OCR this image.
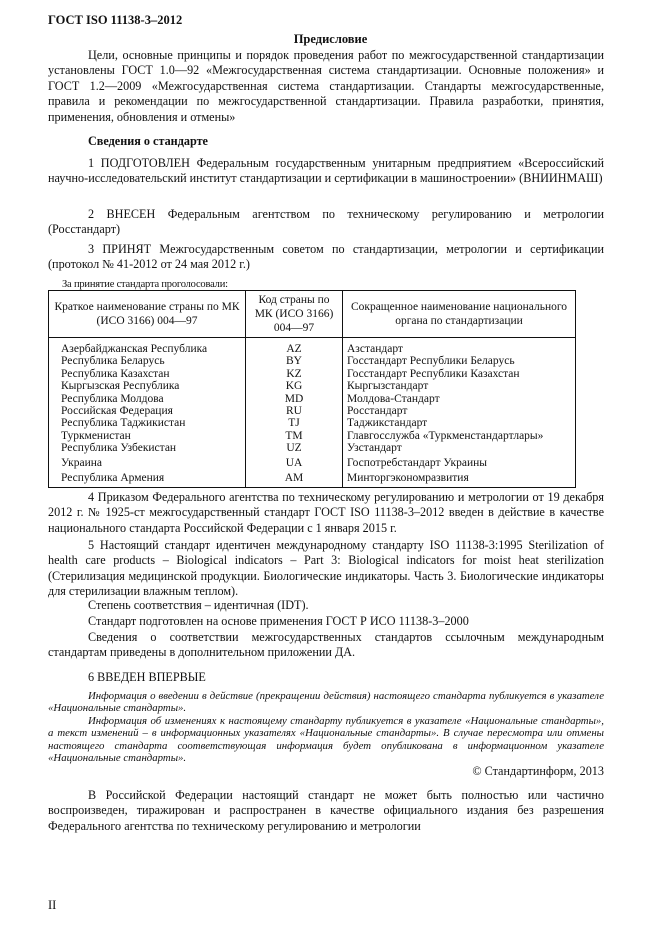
ГОСТ ISO 11138-3–2012
Предисловие
Цели, основные принципы и порядок проведения работ по межгосударственной стандартизации установлены ГОСТ 1.0—92 «Межгосударственная система стандартизации. Основные положения» и ГОСТ 1.2—2009 «Межгосударственная система стандартизации. Стандарты межгосударственные, правила и рекомендации по межгосударственной стандартизации. Правила разработки, принятия, применения, обновления и отмены»
Сведения о стандарте
1 ПОДГОТОВЛЕН Федеральным государственным унитарным предприятием «Всероссийский научно-исследовательский институт стандартизации и сертификации в машиностроении» (ВНИИНМАШ)
2 ВНЕСЕН Федеральным агентством по техническому регулированию и метрологии (Росстандарт)
3 ПРИНЯТ Межгосударственным советом по стандартизации, метрологии и сертификации (протокол № 41-2012 от 24 мая 2012 г.)
За принятие стандарта проголосовали:
Краткое наименование страны по МК (ИСО 3166) 004—97	Код страны по МК (ИСО 3166) 004—97	Сокращенное наименование национального органа по стандартизации
Азербайджанская Республика	AZ	Азстандарт
Республика Беларусь	BY	Госстандарт Республики Беларусь
Республика Казахстан	KZ	Госстандарт Республики Казахстан
Кыргызская Республика	KG	Кыргызстандарт
Республика Молдова	MD	Молдова-Стандарт
Российская Федерация	RU	Росстандарт
Республика Таджикистан	TJ	Таджикстандарт
Туркменистан	TM	Главгосслужба «Туркменстандартлары»
Республика Узбекистан	UZ	Узстандарт
Украина	UA	Госпотребстандарт Украины
Республика Армения	AM	Минторгэкономразвития
4 Приказом Федерального агентства по техническому регулированию и метрологии от 19 декабря 2012 г. № 1925-ст межгосударственный стандарт ГОСТ ISO 11138-3–2012 введен в действие в качестве национального стандарта Российской Федерации с 1 января 2015 г.
5 Настоящий стандарт идентичен международному стандарту ISO 11138-3:1995 Sterilization of health care products – Biological indicators – Part 3: Biological indicators for moist heat sterilization (Стерилизация медицинской продукции. Биологические индикаторы. Часть 3. Биологические индикаторы для стерилизации влажным теплом).
Степень соответствия – идентичная (IDT).
Стандарт подготовлен на основе применения ГОСТ Р ИСО 11138-3–2000
Сведения о соответствии межгосударственных стандартов ссылочным международным стандартам приведены в дополнительном приложении ДА.
6 ВВЕДЕН ВПЕРВЫЕ
Информация о введении в действие (прекращении действия) настоящего стандарта публикуется в указателе «Национальные стандарты».
Информация об изменениях к настоящему стандарту публикуется в указателе «Национальные стандарты», а текст изменений – в информационных указателях «Национальные стандарты». В случае пересмотра или отмены настоящего стандарта соответствующая информация будет опубликована в информационном указателе «Национальные стандарты».
© Стандартинформ, 2013
В Российской Федерации настоящий стандарт не может быть полностью или частично воспроизведен, тиражирован и распространен в качестве официального издания без разрешения Федерального агентства по техническому регулированию и метрологии
II
